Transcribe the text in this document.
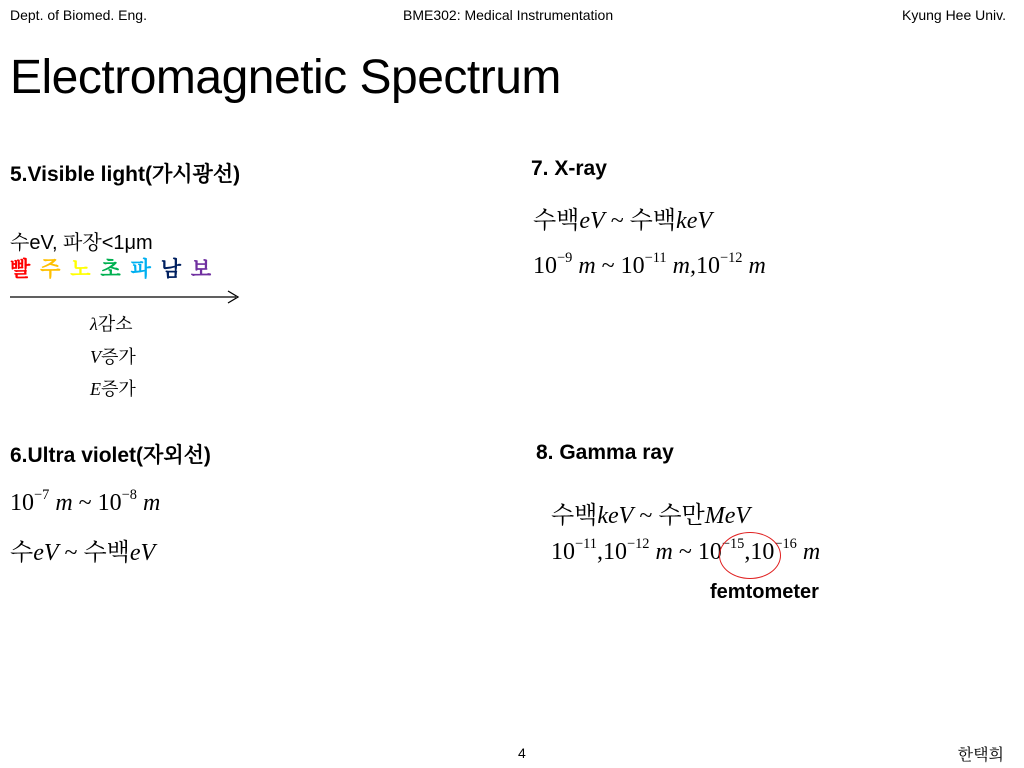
Dept. of Biomed. Eng.	BME302: Medical Instrumentation	Kyung Hee Univ.
Electromagnetic Spectrum
5.Visible light(가시광선)
수eV, 파장<1μm
빨 주 노 초 파 남 보
λ감소
V증가
E증가
6.Ultra violet(자외선)
$10^{-7}$ m ~ $10^{-8}$ m
수eV ~ 수백eV
7. X-ray
수백eV ~ 수백keV
$10^{-9}$ m ~ $10^{-11}$ $m,10^{-12}$ m
8. Gamma ray
수백keV ~ 수만MeV
$10^{-11},10^{-12}$ m ~ $10^{-15},10^{-16}$ m
femtometer
4	한택희
